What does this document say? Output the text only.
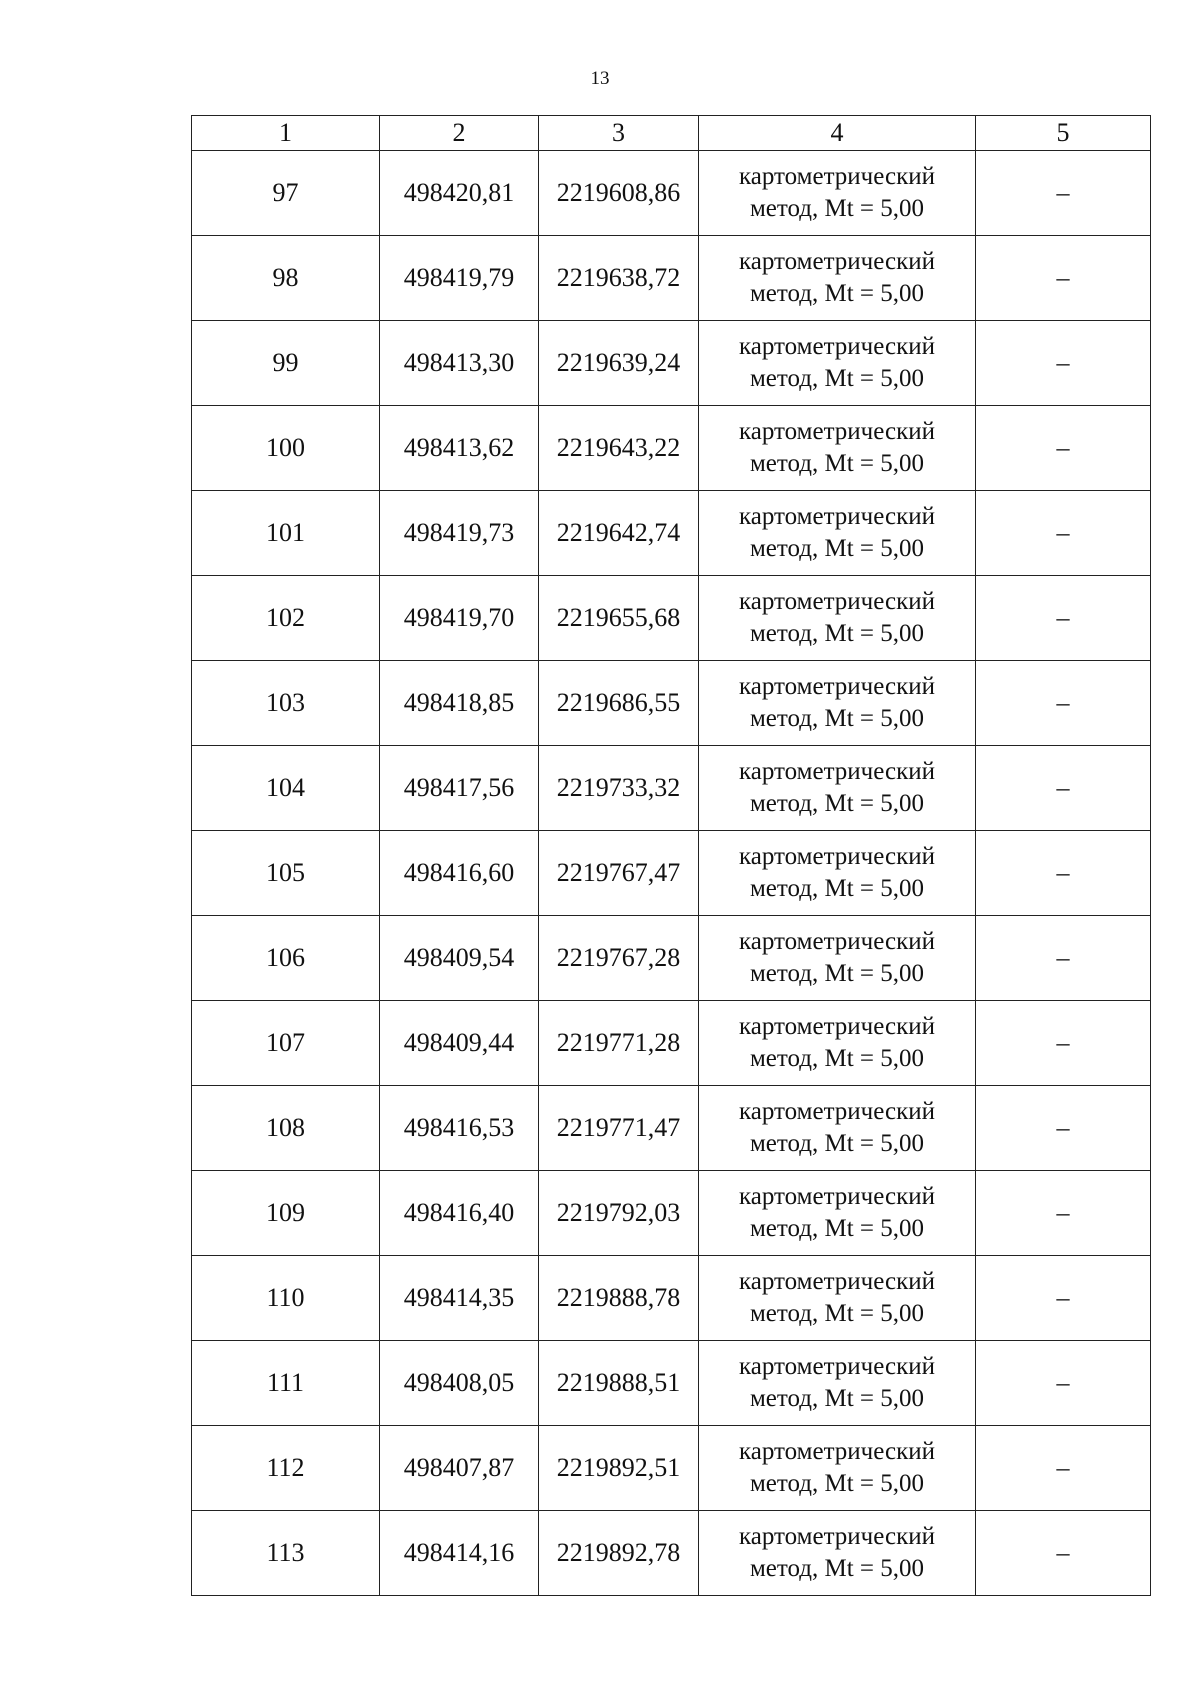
13
1	2	3	4	5
97	498420,81	2219608,86	картометрический
метод, Mt = 5,00	–
98	498419,79	2219638,72	картометрический
метод, Mt = 5,00	–
99	498413,30	2219639,24	картометрический
метод, Mt = 5,00	–
100	498413,62	2219643,22	картометрический
метод, Mt = 5,00	–
101	498419,73	2219642,74	картометрический
метод, Mt = 5,00	–
102	498419,70	2219655,68	картометрический
метод, Mt = 5,00	–
103	498418,85	2219686,55	картометрический
метод, Mt = 5,00	–
104	498417,56	2219733,32	картометрический
метод, Mt = 5,00	–
105	498416,60	2219767,47	картометрический
метод, Mt = 5,00	–
106	498409,54	2219767,28	картометрический
метод, Mt = 5,00	–
107	498409,44	2219771,28	картометрический
метод, Mt = 5,00	–
108	498416,53	2219771,47	картометрический
метод, Mt = 5,00	–
109	498416,40	2219792,03	картометрический
метод, Mt = 5,00	–
110	498414,35	2219888,78	картометрический
метод, Mt = 5,00	–
111	498408,05	2219888,51	картометрический
метод, Mt = 5,00	–
112	498407,87	2219892,51	картометрический
метод, Mt = 5,00	–
113	498414,16	2219892,78	картометрический
метод, Mt = 5,00	–
